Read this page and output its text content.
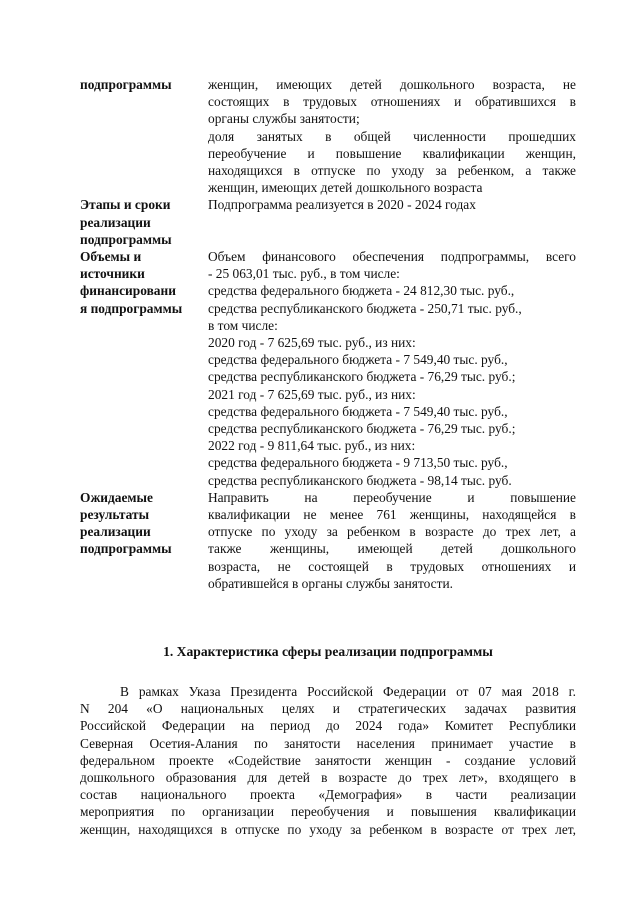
подпрограммы	женщин, имеющих детей дошкольного возраста, не
состоящих в трудовых отношениях и обратившихся в
органы службы занятости;
доля занятых в общей численности прошедших
переобучение и повышение квалификации женщин,
находящихся в отпуске по уходу за ребенком, а также
женщин, имеющих детей дошкольного возраста
Этапы и сроки
реализации
подпрограммы
Подпрограмма реализуется в 2020 - 2024 годах
Объемы и
источники
финансировани
я подпрограммы
Объем финансового обеспечения подпрограммы, всего
- 25 063,01 тыс. руб., в том числе:
средства федерального бюджета - 24 812,30 тыс. руб.,
средства республиканского бюджета - 250,71 тыс. руб.,
в том числе:
2020 год - 7 625,69 тыс. руб., из них:
средства федерального бюджета - 7 549,40 тыс. руб.,
средства республиканского бюджета - 76,29 тыс. руб.;
2021 год - 7 625,69 тыс. руб., из них:
средства федерального бюджета - 7 549,40 тыс. руб.,
средства республиканского бюджета - 76,29 тыс. руб.;
2022 год - 9 811,64 тыс. руб., из них:
средства федерального бюджета - 9 713,50 тыс. руб.,
средства республиканского бюджета - 98,14 тыс. руб.
Ожидаемые
результаты
реализации
подпрограммы
Направить на переобучение и повышение
квалификации не менее 761 женщины, находящейся в
отпуске по уходу за ребенком в возрасте до трех лет, а
также женщины, имеющей детей дошкольного
возраста, не состоящей в трудовых отношениях и
обратившейся в органы службы занятости.
1. Характеристика сферы реализации подпрограммы
В рамках Указа Президента Российской Федерации от 07 мая 2018 г.
N 204 «О национальных целях и стратегических задачах развития
Российской Федерации на период до 2024 года» Комитет Республики
Северная Осетия-Алания по занятости населения принимает участие в
федеральном проекте «Содействие занятости женщин - создание условий
дошкольного образования для детей в возрасте до трех лет», входящего в
состав национального проекта «Демография» в части реализации
мероприятия по организации переобучения и повышения квалификации
женщин, находящихся в отпуске по уходу за ребенком в возрасте от трех лет,
